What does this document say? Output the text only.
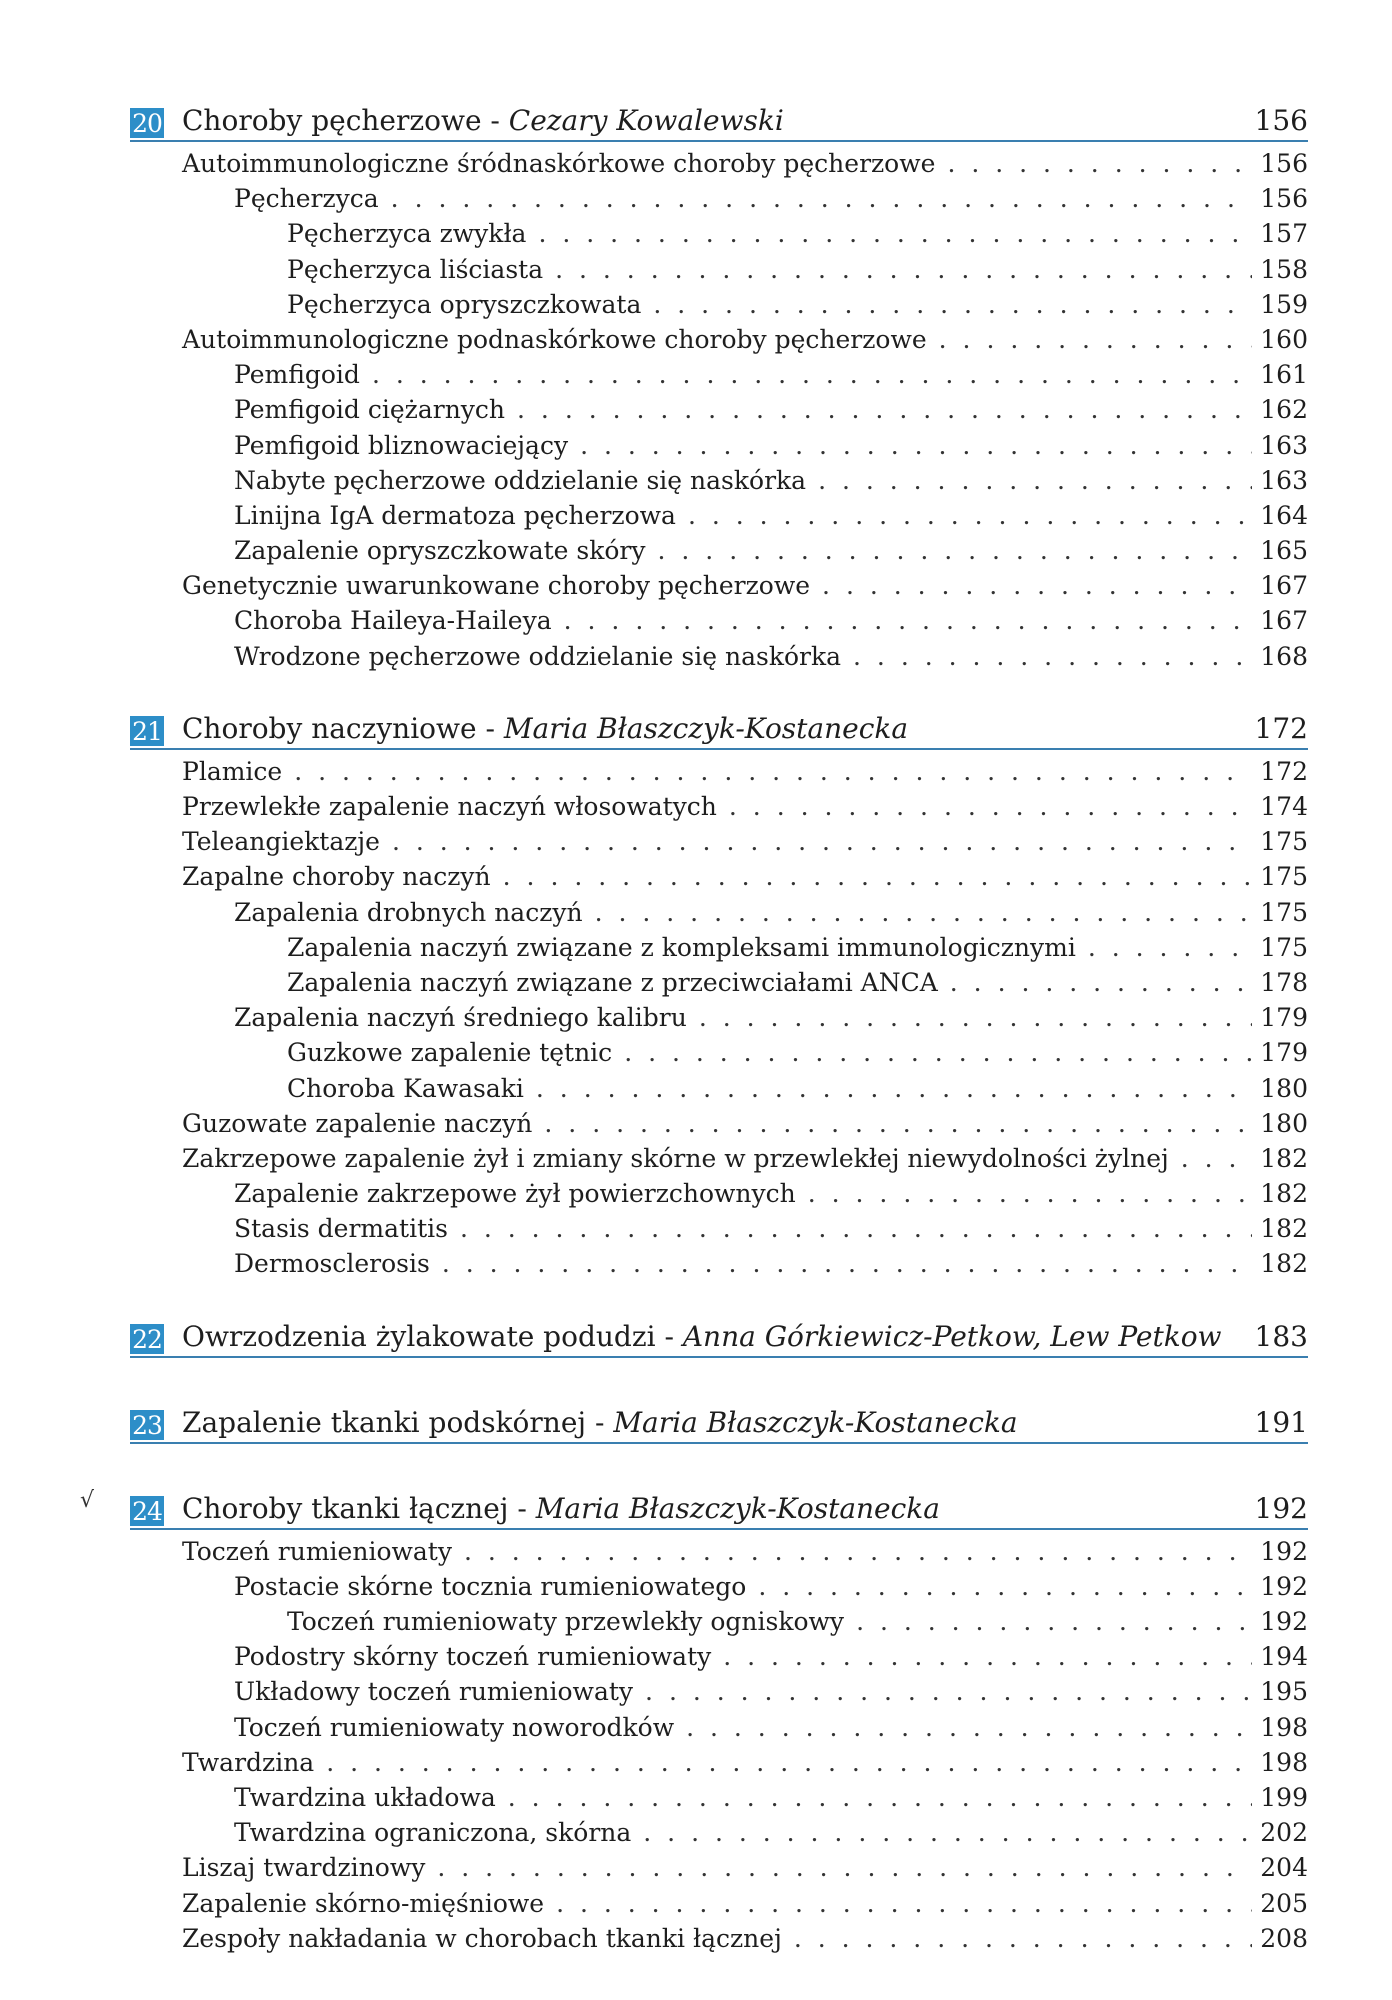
20 Choroby pęcherzowe - Cezary Kowalewski	156
Autoimmunologiczne śródnaskórkowe choroby pęcherzowe . . .	156
Pęcherzyca . . .	156
Pęcherzyca zwykła . . .	157
Pęcherzyca liściasta . . .	158
Pęcherzyca opryszczkowata . . .	159
Autoimmunologiczne podnaskórkowe choroby pęcherzowe . . .	160
Pemfigoid . . .	161
Pemfigoid ciężarnych . . .	162
Pemfigoid bliznowaciejący . . .	163
Nabyte pęcherzowe oddzielanie się naskórka . . .	163
Linijna IgA dermatoza pęcherzowa . . .	164
Zapalenie opryszczkowate skóry . . .	165
Genetycznie uwarunkowane choroby pęcherzowe . . .	167
Choroba Haileya-Haileya . . .	167
Wrodzone pęcherzowe oddzielanie się naskórka . . .	168
21 Choroby naczyniowe - Maria Błaszczyk-Kostanecka	172
Plamice . . .	172
Przewlekłe zapalenie naczyń włosowatych . . .	174
Teleangiektazje . . .	175
Zapalne choroby naczyń . . .	175
Zapalenia drobnych naczyń . . .	175
Zapalenia naczyń związane z kompleksami immunologicznymi . . .	175
Zapalenia naczyń związane z przeciwciałami ANCA . . .	178
Zapalenia naczyń średniego kalibru . . .	179
Guzkowe zapalenie tętnic . . .	179
Choroba Kawasaki . . .	180
Guzowate zapalenie naczyń . . .	180
Zakrzepowe zapalenie żył i zmiany skórne w przewlekłej niewydolności żylnej . . .	182
Zapalenie zakrzepowe żył powierzchownych . . .	182
Stasis dermatitis . . .	182
Dermosclerosis . . .	182
22 Owrzodzenia żylakowate podudzi - Anna Górkiewicz-Petkow, Lew Petkow 183
23 Zapalenie tkanki podskórnej - Maria Błaszczyk-Kostanecka	191
24 Choroby tkanki łącznej - Maria Błaszczyk-Kostanecka	192
Toczeń rumieniowaty . . .	192
Postacie skórne tocznia rumieniowatego . . .	192
Toczeń rumieniowaty przewlekły ogniskowy . . .	192
Podostry skórny toczeń rumieniowaty . . .	194
Układowy toczeń rumieniowaty . . .	195
Toczeń rumieniowaty noworodków . . .	198
Twardzina . . .	198
Twardzina układowa . . .	199
Twardzina ograniczona, skórna . . .	202
Liszaj twardzinowy . . .	204
Zapalenie skórno-mięśniowe . . .	205
Zespoły nakładania w chorobach tkanki łącznej . . .	208
√
